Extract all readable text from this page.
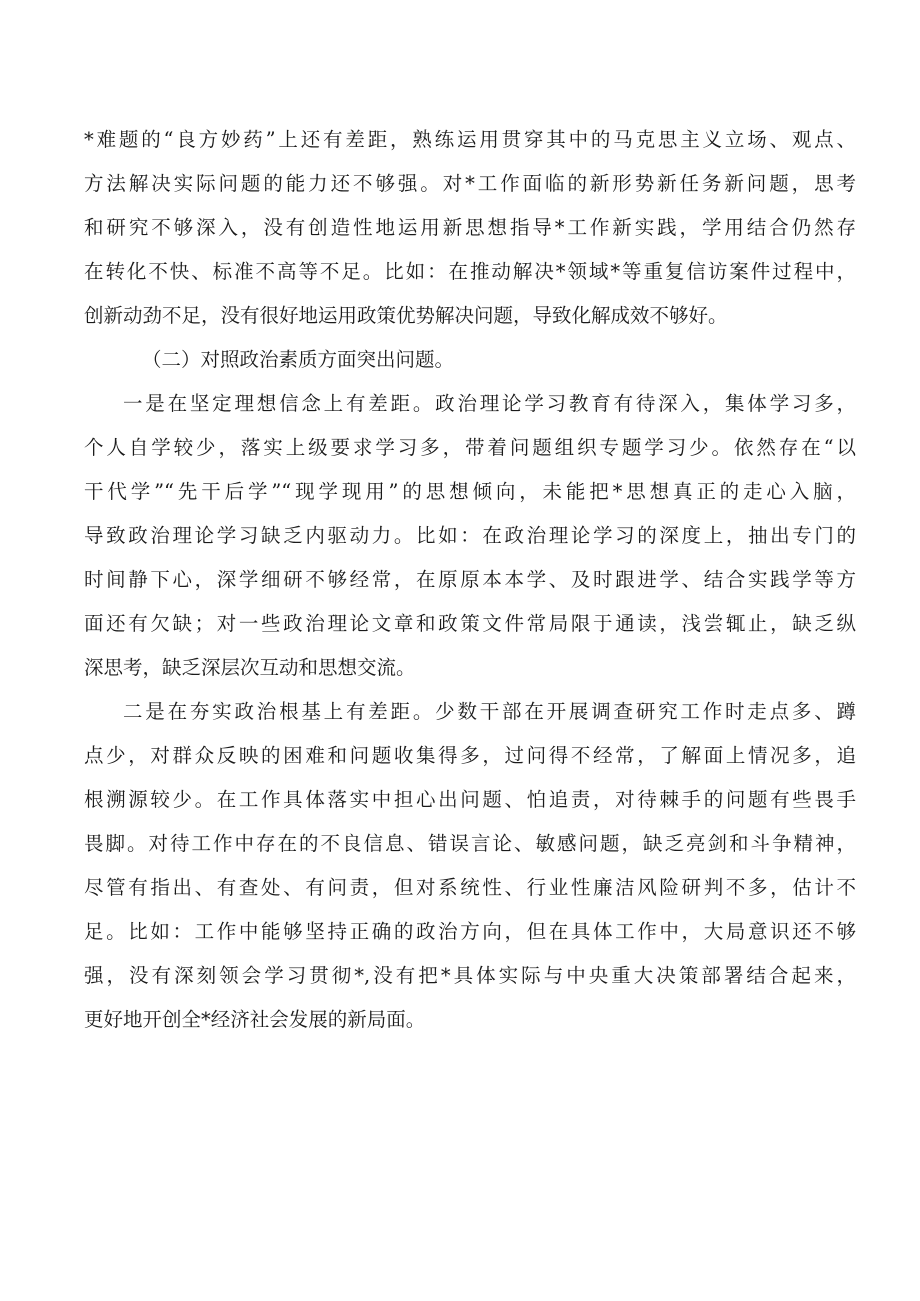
*难题的“良方妙药”上还有差距，熟练运用贯穿其中的马克思主义立场、观点、
方法解决实际问题的能力还不够强。对*工作面临的新形势新任务新问题，思考
和研究不够深入，没有创造性地运用新思想指导*工作新实践，学用结合仍然存
在转化不快、标准不高等不足。比如：在推动解决*领域*等重复信访案件过程中，
创新动劲不足，没有很好地运用政策优势解决问题，导致化解成效不够好。
（二）对照政治素质方面突出问题。
一是在坚定理想信念上有差距。政治理论学习教育有待深入，集体学习多，
个人自学较少，落实上级要求学习多，带着问题组织专题学习少。依然存在“以
干代学”“先干后学”“现学现用”的思想倾向，未能把*思想真正的走心入脑，
导致政治理论学习缺乏内驱动力。比如：在政治理论学习的深度上，抽出专门的
时间静下心，深学细研不够经常，在原原本本学、及时跟进学、结合实践学等方
面还有欠缺；对一些政治理论文章和政策文件常局限于通读，浅尝辄止，缺乏纵
深思考，缺乏深层次互动和思想交流。
二是在夯实政治根基上有差距。少数干部在开展调查研究工作时走点多、蹲
点少，对群众反映的困难和问题收集得多，过问得不经常，了解面上情况多，追
根溯源较少。在工作具体落实中担心出问题、怕追责，对待棘手的问题有些畏手
畏脚。对待工作中存在的不良信息、错误言论、敏感问题，缺乏亮剑和斗争精神，
尽管有指出、有查处、有问责，但对系统性、行业性廉洁风险研判不多，估计不
足。比如：工作中能够坚持正确的政治方向，但在具体工作中，大局意识还不够
强，没有深刻领会学习贯彻*,没有把*具体实际与中央重大决策部署结合起来，
更好地开创全*经济社会发展的新局面。
